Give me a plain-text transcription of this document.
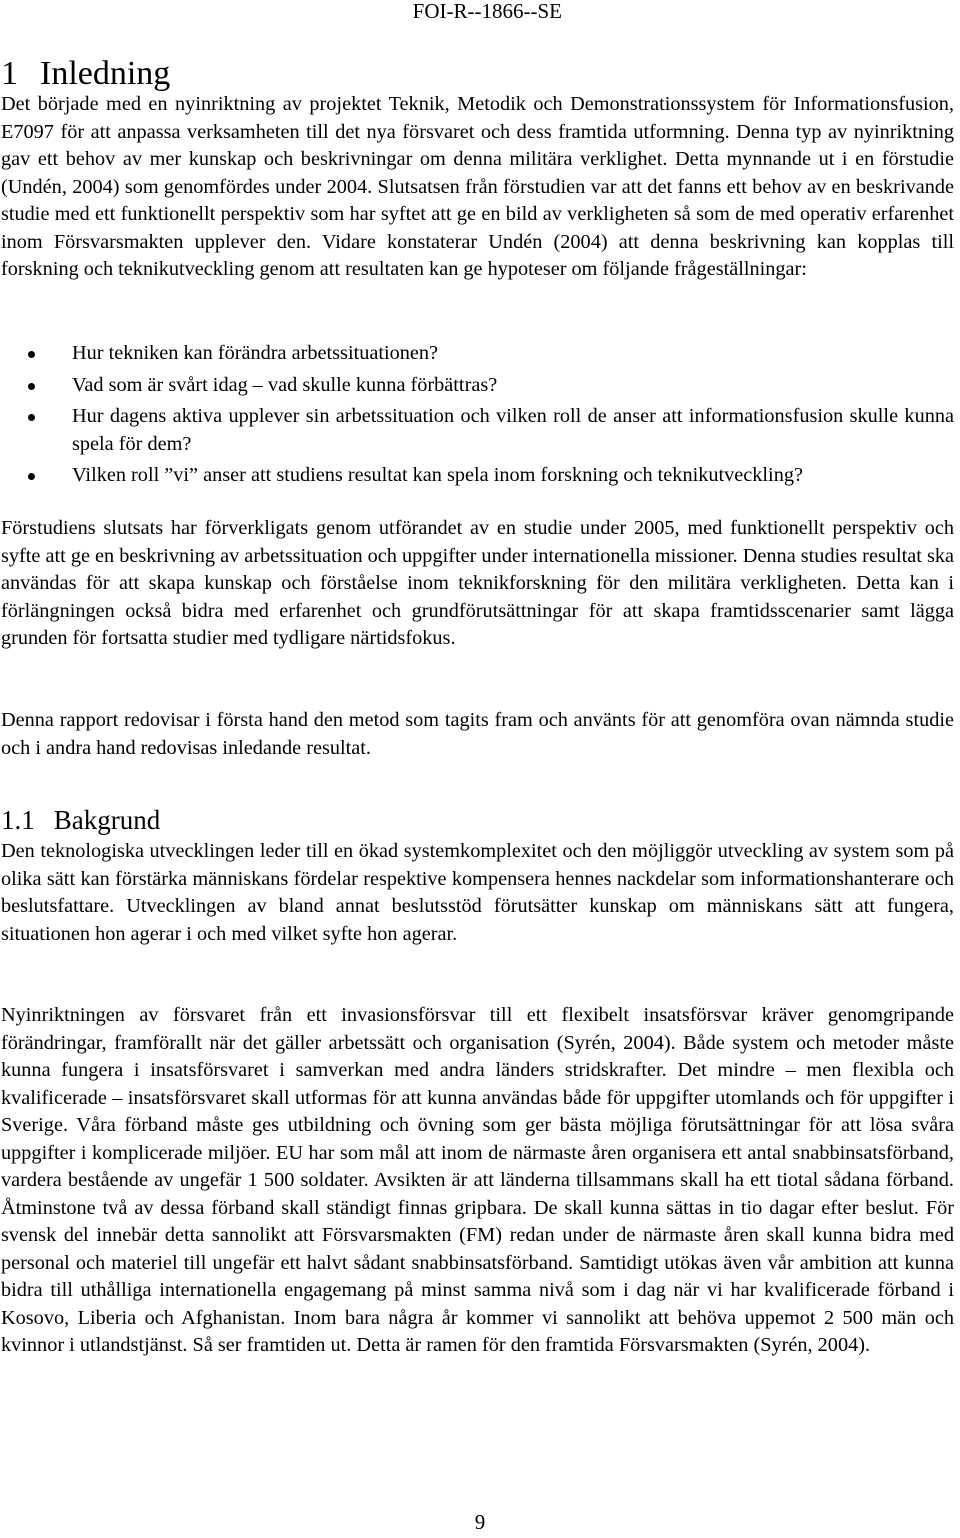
FOI-R--1866--SE

1 Inledning

Det började med en nyinriktning av projektet Teknik, Metodik och Demonstrationssystem för Informationsfusion, E7097 för att anpassa verksamheten till det nya försvaret och dess framtida utformning. Denna typ av nyinriktning gav ett behov av mer kunskap och beskrivningar om denna militära verklighet. Detta mynnande ut i en förstudie (Undén, 2004) som genomfördes under 2004. Slutsatsen från förstudien var att det fanns ett behov av en beskrivande studie med ett funktionellt perspektiv som har syftet att ge en bild av verkligheten så som de med operativ erfarenhet inom Försvarsmakten upplever den. Vidare konstaterar Undén (2004) att denna beskrivning kan kopplas till forskning och teknikutveckling genom att resultaten kan ge hypoteser om följande frågeställningar:

Hur tekniken kan förändra arbetssituationen?
Vad som är svårt idag – vad skulle kunna förbättras?
Hur dagens aktiva upplever sin arbetssituation och vilken roll de anser att informationsfusion skulle kunna spela för dem?
Vilken roll ”vi” anser att studiens resultat kan spela inom forskning och teknikutveckling?

Förstudiens slutsats har förverkligats genom utförandet av en studie under 2005, med funktionellt perspektiv och syfte att ge en beskrivning av arbetssituation och uppgifter under internationella missioner. Denna studies resultat ska användas för att skapa kunskap och förståelse inom teknikforskning för den militära verkligheten. Detta kan i förlängningen också bidra med erfarenhet och grundförutsättningar för att skapa framtidsscenarier samt lägga grunden för fortsatta studier med tydligare närtidsfokus.

Denna rapport redovisar i första hand den metod som tagits fram och använts för att genomföra ovan nämnda studie och i andra hand redovisas inledande resultat.

1.1 Bakgrund

Den teknologiska utvecklingen leder till en ökad systemkomplexitet och den möjliggör utveckling av system som på olika sätt kan förstärka människans fördelar respektive kompensera hennes nackdelar som informationshanterare och beslutsfattare. Utvecklingen av bland annat beslutsstöd förutsätter kunskap om människans sätt att fungera, situationen hon agerar i och med vilket syfte hon agerar.

Nyinriktningen av försvaret från ett invasionsförsvar till ett flexibelt insatsförsvar kräver genomgripande förändringar, framförallt när det gäller arbetssätt och organisation (Syrén, 2004). Både system och metoder måste kunna fungera i insatsförsvaret i samverkan med andra länders stridskrafter. Det mindre – men flexibla och kvalificerade – insatsförsvaret skall utformas för att kunna användas både för uppgifter utomlands och för uppgifter i Sverige. Våra förband måste ges utbildning och övning som ger bästa möjliga förutsättningar för att lösa svåra uppgifter i komplicerade miljöer. EU har som mål att inom de närmaste åren organisera ett antal snabbinsatsförband, vardera bestående av ungefär 1 500 soldater. Avsikten är att länderna tillsammans skall ha ett tiotal sådana förband. Åtminstone två av dessa förband skall ständigt finnas gripbara. De skall kunna sättas in tio dagar efter beslut. För svensk del innebär detta sannolikt att Försvarsmakten (FM) redan under de närmaste åren skall kunna bidra med personal och materiel till ungefär ett halvt sådant snabbinsatsförband. Samtidigt utökas även vår ambition att kunna bidra till uthålliga internationella engagemang på minst samma nivå som i dag när vi har kvalificerade förband i Kosovo, Liberia och Afghanistan. Inom bara några år kommer vi sannolikt att behöva uppemot 2 500 män och kvinnor i utlandstjänst. Så ser framtiden ut. Detta är ramen för den framtida Försvarsmakten (Syrén, 2004).

9
